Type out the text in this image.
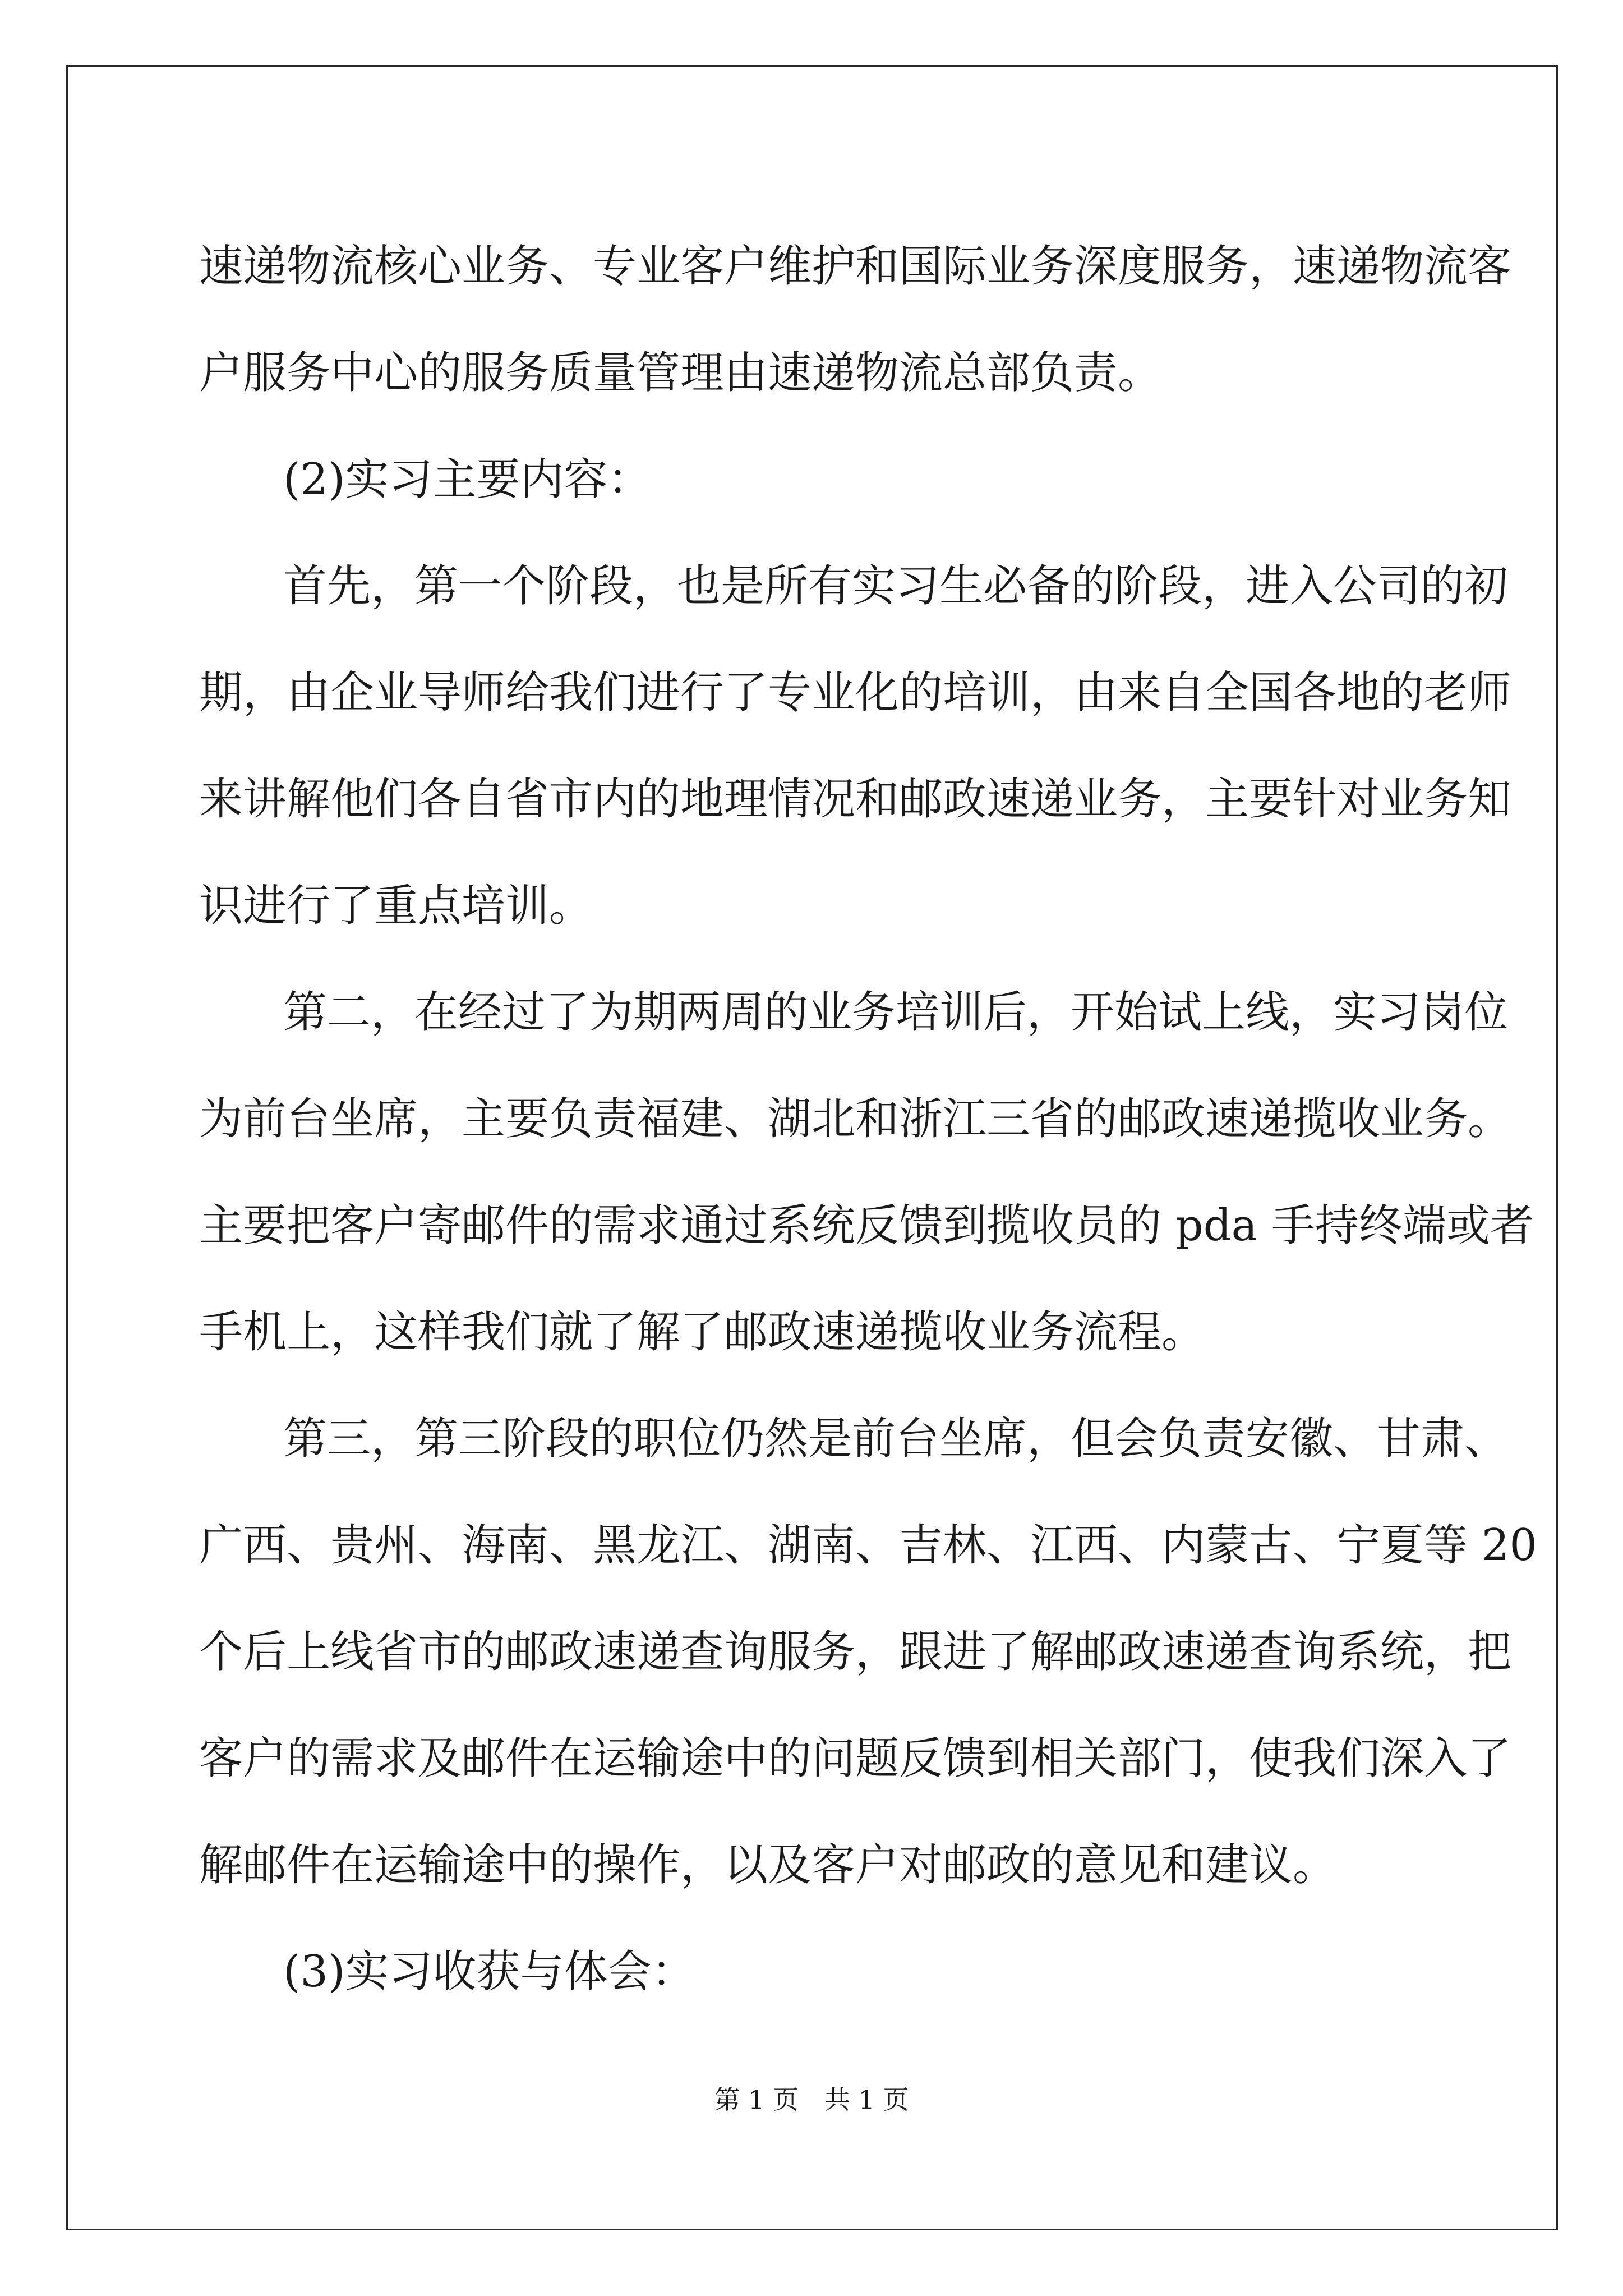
速递物流核心业务、专业客户维护和国际业务深度服务，速递物流客
户服务中心的服务质量管理由速递物流总部负责。
(2)实习主要内容：
首先，第一个阶段，也是所有实习生必备的阶段，进入公司的初
期，由企业导师给我们进行了专业化的培训，由来自全国各地的老师
来讲解他们各自省市内的地理情况和邮政速递业务，主要针对业务知
识进行了重点培训。
第二，在经过了为期两周的业务培训后，开始试上线，实习岗位
为前台坐席，主要负责福建、湖北和浙江三省的邮政速递揽收业务。
主要把客户寄邮件的需求通过系统反馈到揽收员的 pda 手持终端或者
手机上，这样我们就了解了邮政速递揽收业务流程。
第三，第三阶段的职位仍然是前台坐席，但会负责安徽、甘肃、
广西、贵州、海南、黑龙江、湖南、吉林、江西、内蒙古、宁夏等 20
个后上线省市的邮政速递查询服务，跟进了解邮政速递查询系统，把
客户的需求及邮件在运输途中的问题反馈到相关部门，使我们深入了
解邮件在运输途中的操作，以及客户对邮政的意见和建议。
(3)实习收获与体会：
第 1 页 共 1 页
